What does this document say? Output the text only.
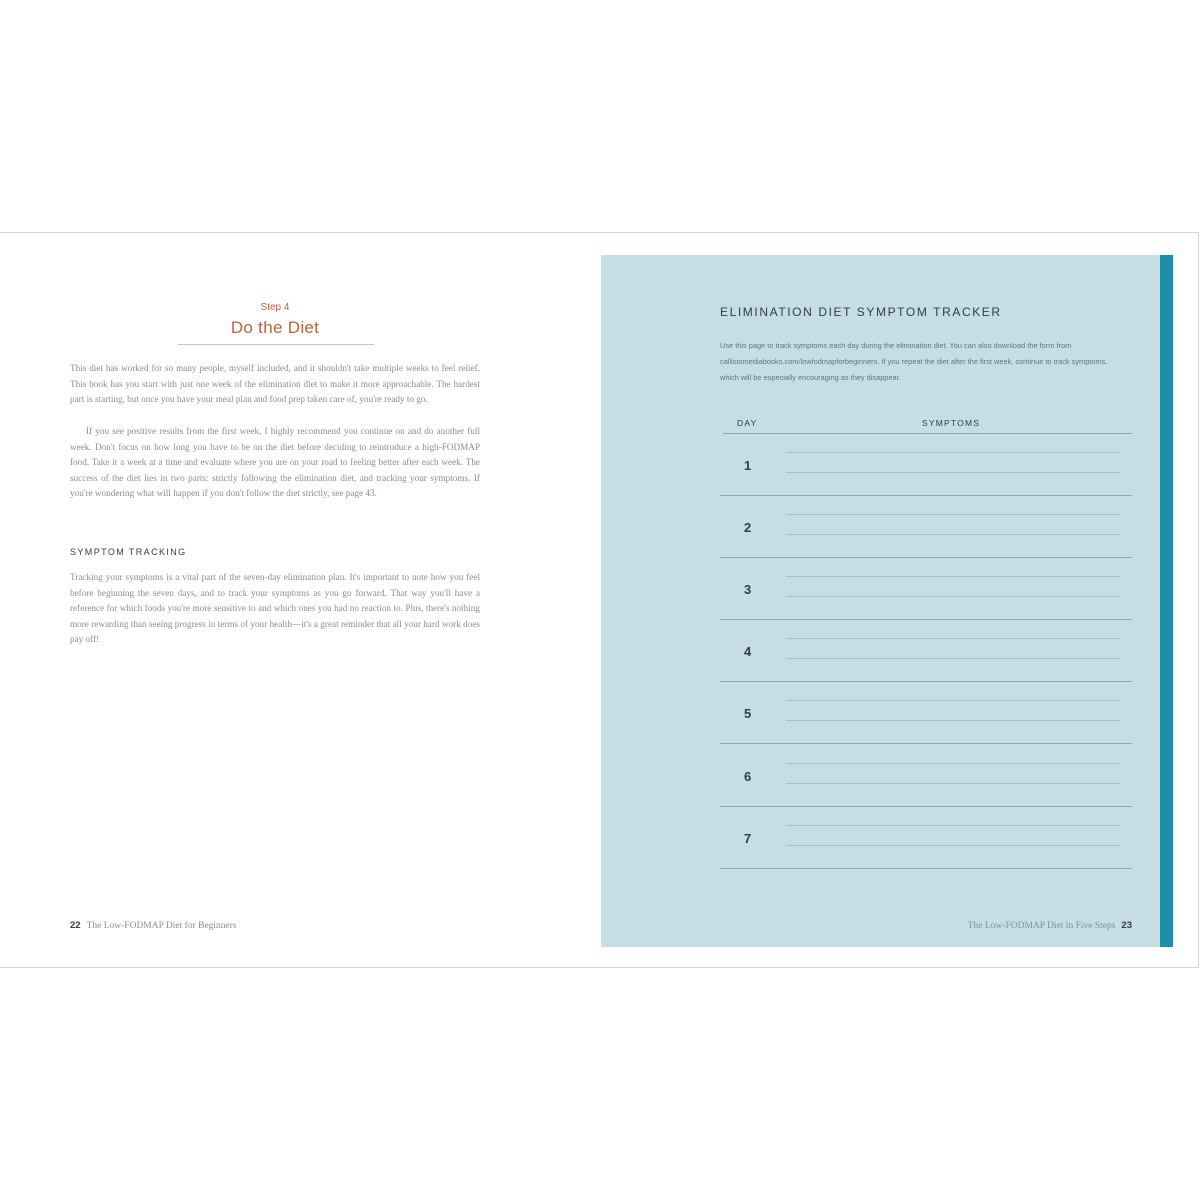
Step 4
Do the Diet

This diet has worked for so many people, myself included, and it shouldn't take multiple weeks to feel relief. This book has you start with just one week of the elimination diet to make it more approachable. The hardest part is starting, but once you have your meal plan and food prep taken care of, you're ready to go.

If you see positive results from the first week, I highly recommend you continue on and do another full week. Don't focus on how long you have to be on the diet before deciding to reintroduce a high-FODMAP food. Take it a week at a time and evaluate where you are on your road to feeling better after each week. The success of the diet lies in two parts: strictly following the elimination diet, and tracking your symptoms. If you're wondering what will happen if you don't follow the diet strictly, see page 43.

SYMPTOM TRACKING

Tracking your symptoms is a vital part of the seven-day elimination plan. It's important to note how you feel before beginning the seven days, and to track your symptoms as you go forward. That way you'll have a reference for which foods you're more sensitive to and which ones you had no reaction to. Plus, there's nothing more rewarding than seeing progress in terms of your health—it's a great reminder that all your hard work does pay off!

22 The Low-FODMAP Diet for Beginners
ELIMINATION DIET SYMPTOM TRACKER

Use this page to track symptoms each day during the elimination diet. You can also download the form from callistomediabooks.com/lowfodmapforbeginners. If you repeat the diet after the first week, continue to track symptoms, which will be especially encouraging as they disappear.

DAY	SYMPTOMS
1
2
3
4
5
6
7
The Low-FODMAP Diet in Five Steps 23
